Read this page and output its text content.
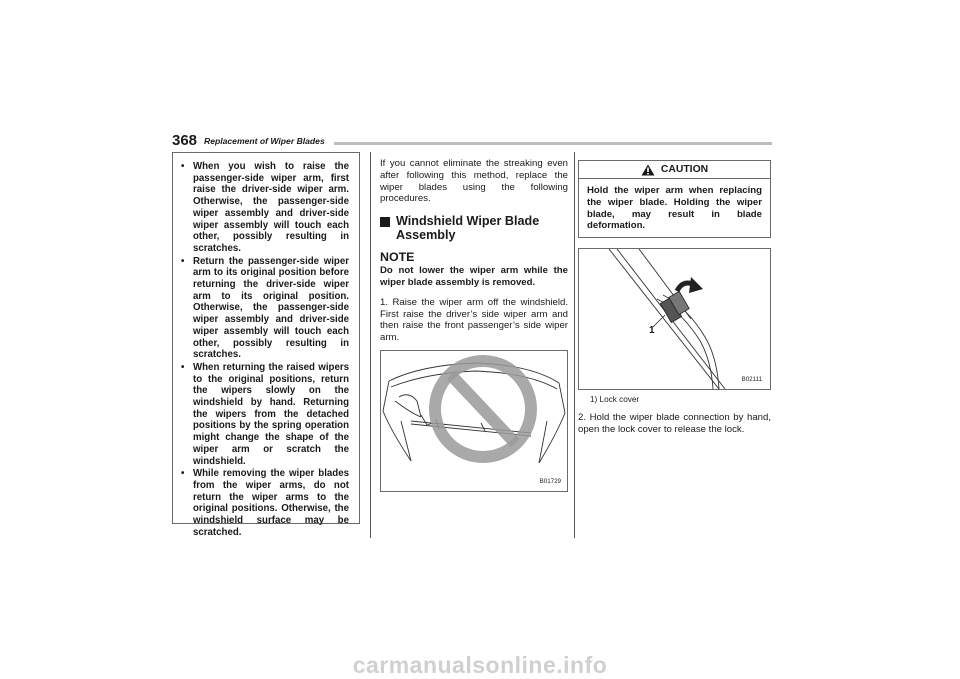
368 Replacement of Wiper Blades
• When you wish to raise the passenger-side wiper arm, first raise the driver-side wiper arm. Otherwise, the passenger-side wiper assembly and driver-side wiper assembly will touch each other, possibly resulting in scratches.
• Return the passenger-side wiper arm to its original position before returning the driver-side wiper arm to its original position. Otherwise, the passenger-side wiper assembly and driver-side wiper assembly will touch each other, possibly resulting in scratches.
• When returning the raised wipers to the original positions, return the wipers slowly on the windshield by hand. Returning the wipers from the detached positions by the spring operation might change the shape of the wiper arm or scratch the windshield.
• While removing the wiper blades from the wiper arms, do not return the wiper arms to the original positions. Otherwise, the windshield surface may be scratched.

If you cannot eliminate the streaking even after following this method, replace the wiper blades using the following procedures.

Windshield Wiper Blade Assembly
NOTE

Do not lower the wiper arm while the wiper blade assembly is removed.

1. Raise the wiper arm off the windshield. First raise the driver’s side wiper arm and then raise the front passenger’s side wiper arm.

B01729
CAUTION
Hold the wiper arm when replacing the wiper blade. Holding the wiper blade, may result in blade deformation.
1
B02111
1) Lock cover

2. Hold the wiper blade connection by hand, open the lock cover to release the lock.

carmanualsonline.info
